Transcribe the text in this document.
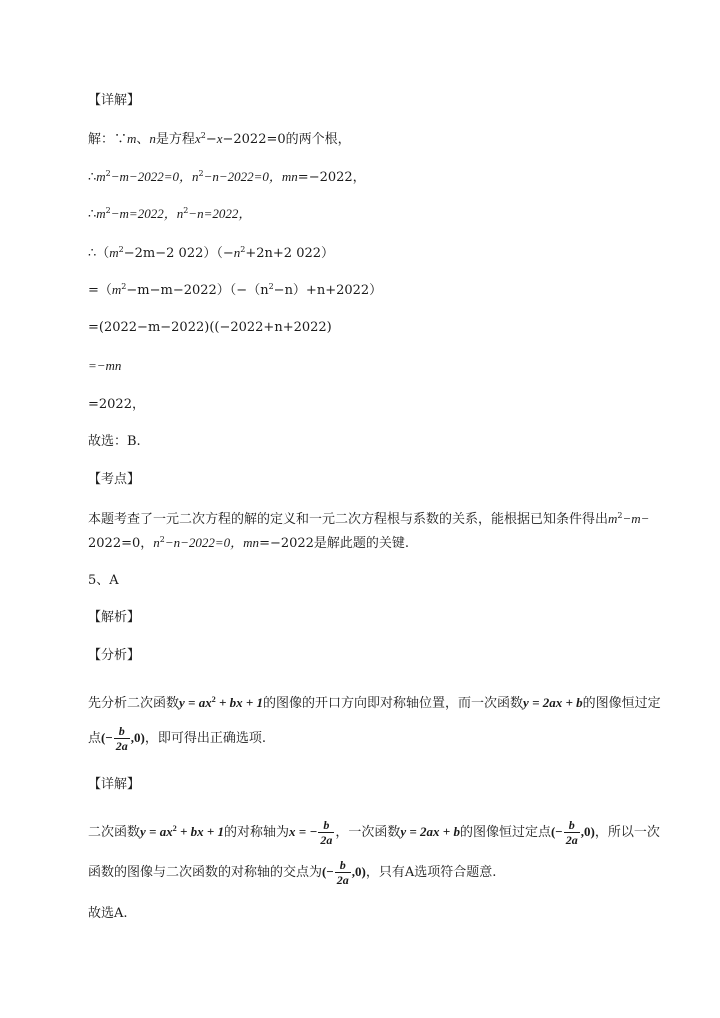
【详解】
解：∵m、n是方程$x^2-x-2022=0$的两个根，
$\therefore m^2-m-2022=0$，$n^2-n-2022=0$，mn=−2022，
$\therefore m^2-m=2022$，$n^2-n=2022$，
$\therefore(m^2-2m-2$ $022)(-n^2+2n+2$ 022）
$=(m^2-m-m-2022)(-(n^2-n)+n+2022)$
=(2022−m−2022)((−2022+n+2022)
=−mn
=2022，
故选：B.
【考点】
本题考查了一元二次方程的解的定义和一元二次方程根与系数的关系，能根据已知条件得出$m^2-m-$
2022=0，$n^2-n-2022=0$，mn=−2022是解此题的关键.
5、A
【解析】
【分析】
先分析二次函数$y = ax^2$ + bx + 1的图像的开口方向即对称轴位置，而一次函数y = 2ax + b的图像恒过定
点(− $\frac{b}{2a} ,0$)，即可得出正确选项.
【详解】
二次函数$y = ax^2$ + bx + 1的对称轴为x = − $\frac{b}{2a}$ ，一次函数y = 2ax + b的图像恒过定点(− $\frac{b}{2a} ,0$)，所以一次
函数的图像与二次函数的对称轴的交点为(− $\frac{b}{2a} ,0$)，只有A选项符合题意.
故选A.
